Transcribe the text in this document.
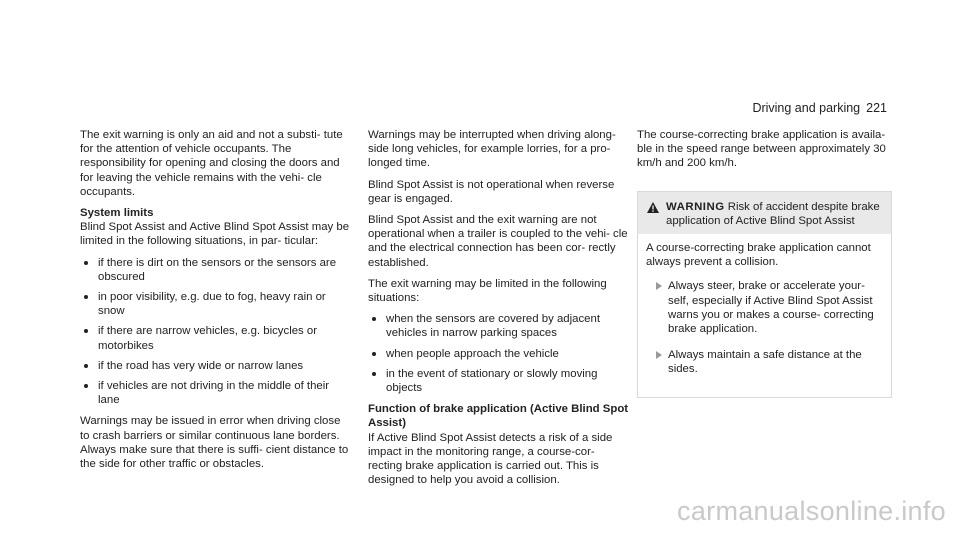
Driving and parking 221

The exit warning is only an aid and not a substi- tute for the attention of vehicle occupants. The responsibility for opening and closing the doors and for leaving the vehicle remains with the vehi- cle occupants.

System limits

Blind Spot Assist and Active Blind Spot Assist may be limited in the following situations, in par- ticular:

if there is dirt on the sensors or the sensors are obscured
in poor visibility, e.g. due to fog, heavy rain or snow
if there are narrow vehicles, e.g. bicycles or motorbikes
if the road has very wide or narrow lanes
if vehicles are not driving in the middle of their lane

Warnings may be issued in error when driving close to crash barriers or similar continuous lane borders. Always make sure that there is suffi- cient distance to the side for other traffic or obstacles.

Warnings may be interrupted when driving along- side long vehicles, for example lorries, for a pro- longed time.

Blind Spot Assist is not operational when reverse gear is engaged.

Blind Spot Assist and the exit warning are not operational when a trailer is coupled to the vehi- cle and the electrical connection has been cor- rectly established.

The exit warning may be limited in the following situations:

when the sensors are covered by adjacent vehicles in narrow parking spaces
when people approach the vehicle
in the event of stationary or slowly moving objects
Function of brake application (Active Blind Spot Assist)

If Active Blind Spot Assist detects a risk of a side impact in the monitoring range, a course-cor- recting brake application is carried out. This is designed to help you avoid a collision.

The course-correcting brake application is availa- ble in the speed range between approximately 30 km/h and 200 km/h.

WARNING Risk of accident despite brake application of Active Blind Spot Assist

A course-correcting brake application cannot always prevent a collision.

Always steer, brake or accelerate your- self, especially if Active Blind Spot Assist warns you or makes a course- correcting brake application.
Always maintain a safe distance at the sides.
carmanualsonline.info
